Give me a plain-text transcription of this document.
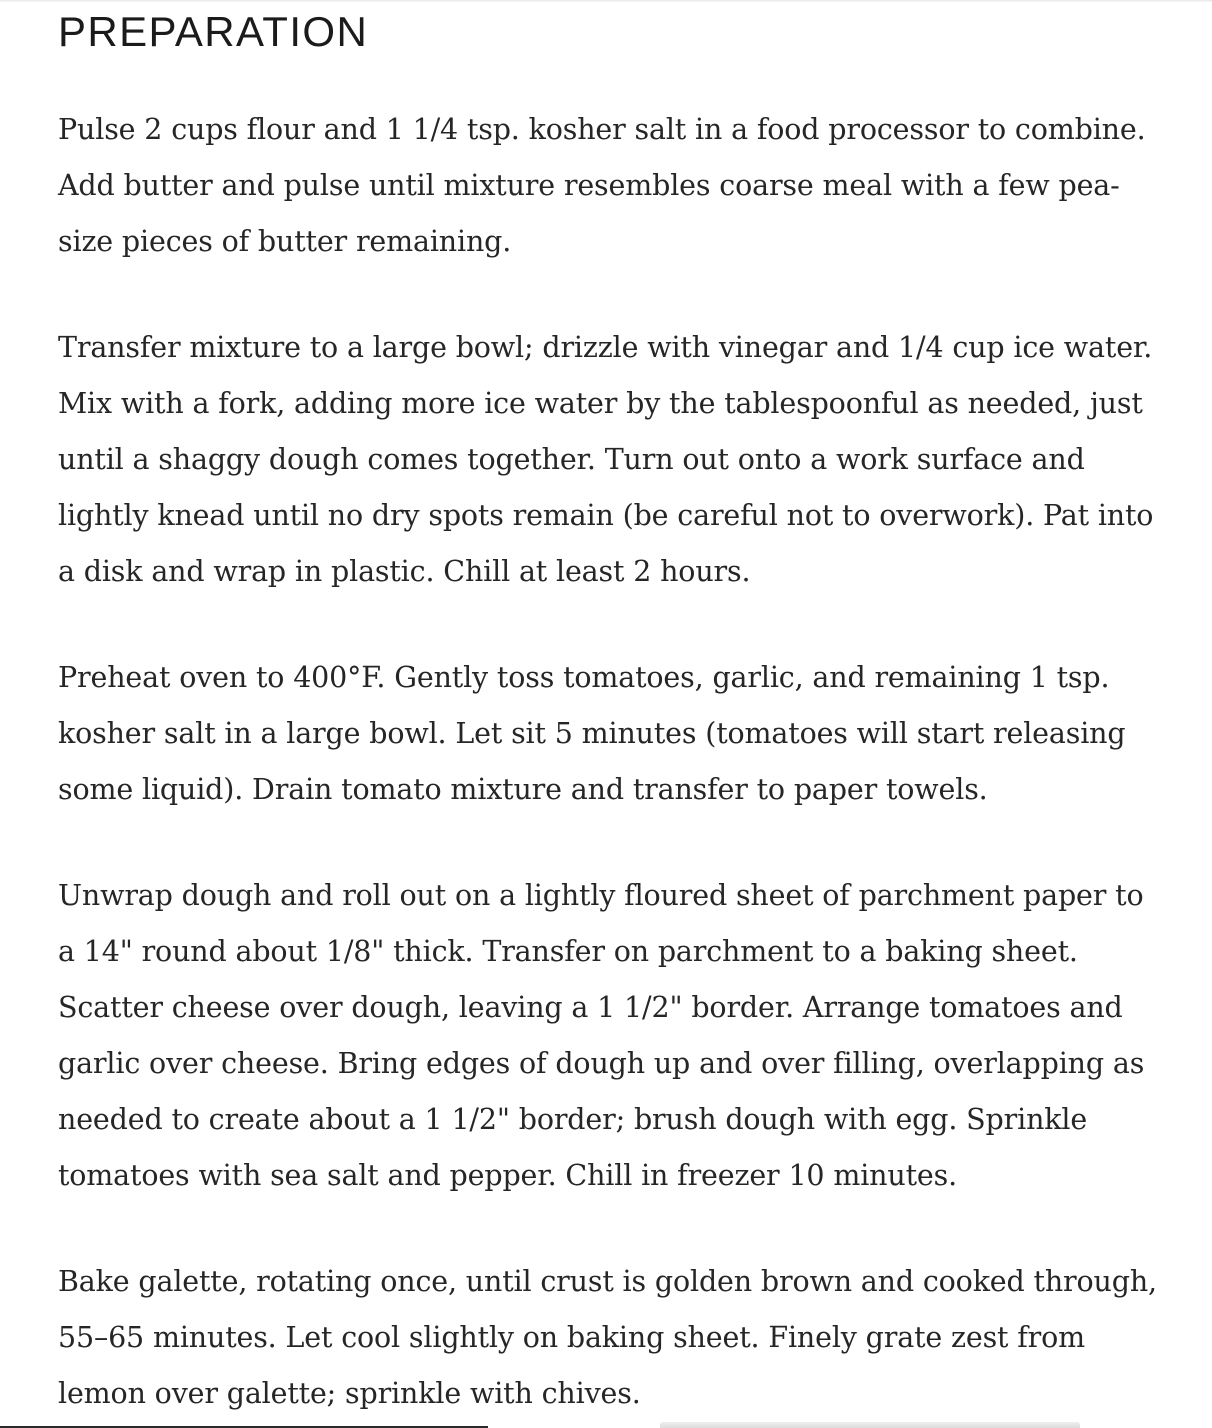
PREPARATION
Pulse 2 cups flour and 1 1/4 tsp. kosher salt in a food processor to combine. Add butter and pulse until mixture resembles coarse meal with a few pea-size pieces of butter remaining.
Transfer mixture to a large bowl; drizzle with vinegar and 1/4 cup ice water. Mix with a fork, adding more ice water by the tablespoonful as needed, just until a shaggy dough comes together. Turn out onto a work surface and lightly knead until no dry spots remain (be careful not to overwork). Pat into a disk and wrap in plastic. Chill at least 2 hours.
Preheat oven to 400°F. Gently toss tomatoes, garlic, and remaining 1 tsp. kosher salt in a large bowl. Let sit 5 minutes (tomatoes will start releasing some liquid). Drain tomato mixture and transfer to paper towels.
Unwrap dough and roll out on a lightly floured sheet of parchment paper to a 14" round about 1/8" thick. Transfer on parchment to a baking sheet. Scatter cheese over dough, leaving a 1 1/2" border. Arrange tomatoes and garlic over cheese. Bring edges of dough up and over filling, overlapping as needed to create about a 1 1/2" border; brush dough with egg. Sprinkle tomatoes with sea salt and pepper. Chill in freezer 10 minutes.
Bake galette, rotating once, until crust is golden brown and cooked through, 55–65 minutes. Let cool slightly on baking sheet. Finely grate zest from lemon over galette; sprinkle with chives.
